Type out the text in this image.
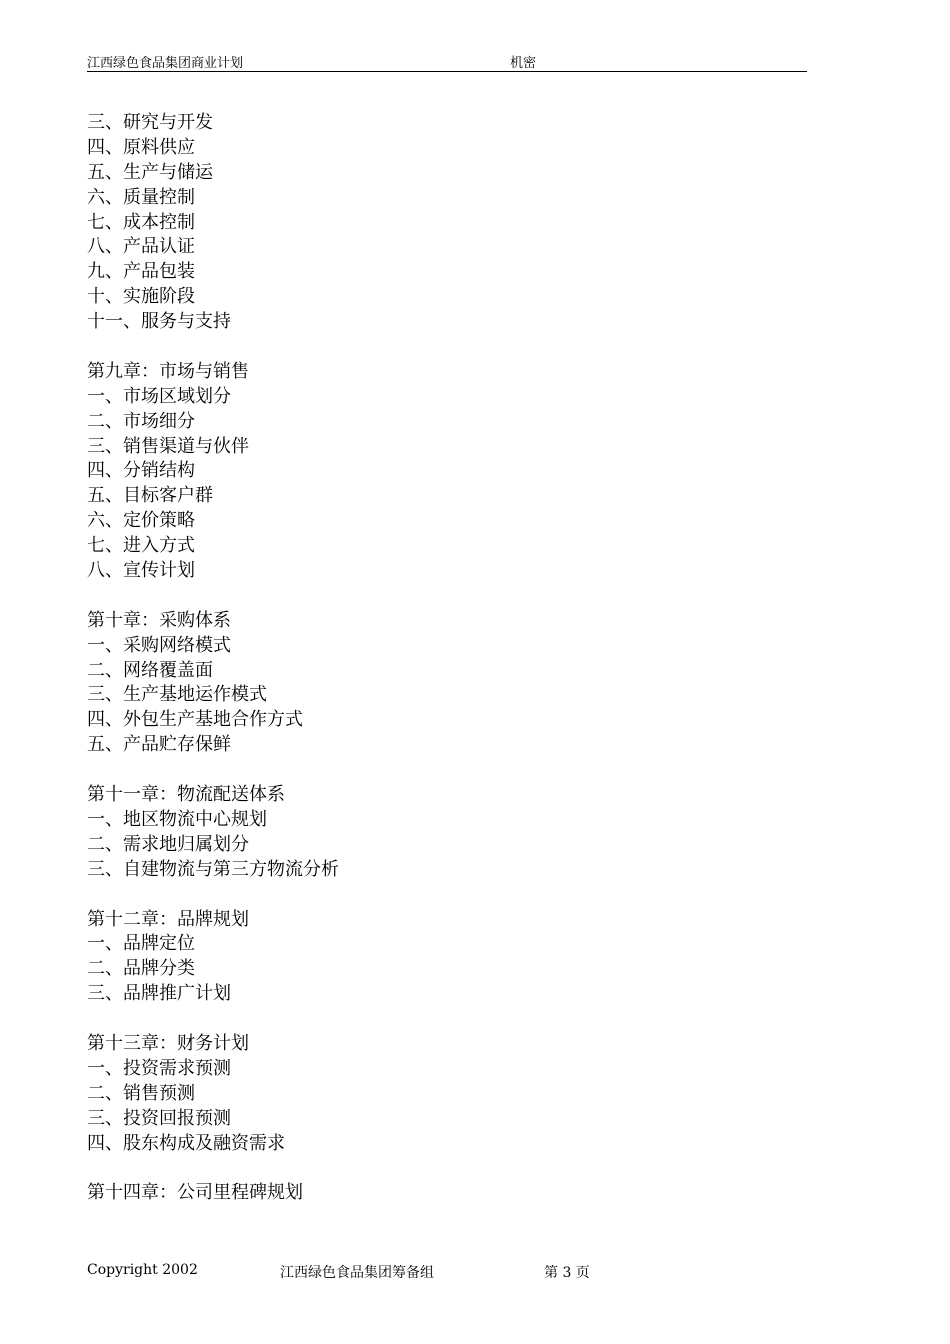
江西绿色食品集团商业计划	机密
三、研究与开发
四、原料供应
五、生产与储运
六、质量控制
七、成本控制
八、产品认证
九、产品包装
十、实施阶段
十一、服务与支持
第九章：市场与销售
一、市场区域划分
二、市场细分
三、销售渠道与伙伴
四、分销结构
五、目标客户群
六、定价策略
七、进入方式
八、宣传计划
第十章：采购体系
一、采购网络模式
二、网络覆盖面
三、生产基地运作模式
四、外包生产基地合作方式
五、产品贮存保鲜
第十一章：物流配送体系
一、地区物流中心规划
二、需求地归属划分
三、自建物流与第三方物流分析
第十二章：品牌规划
一、品牌定位
二、品牌分类
三、品牌推广计划
第十三章：财务计划
一、投资需求预测
二、销售预测
三、投资回报预测
四、股东构成及融资需求
第十四章：公司里程碑规划
Copyright 2002	江西绿色食品集团筹备组	第 3 页
